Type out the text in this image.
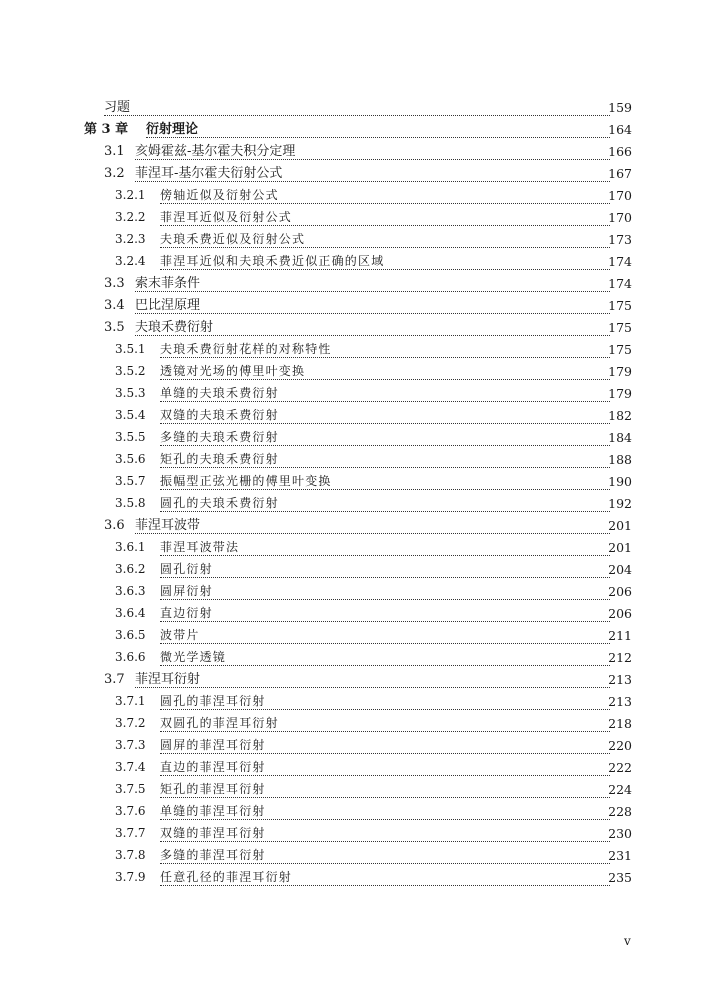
习题	159
第 3 章 衍射理论	164
3.1 亥姆霍兹-基尔霍夫积分定理	166
3.2 菲涅耳-基尔霍夫衍射公式	167
3.2.1 傍轴近似及衍射公式	170
3.2.2 菲涅耳近似及衍射公式	170
3.2.3 夫琅禾费近似及衍射公式	173
3.2.4 菲涅耳近似和夫琅禾费近似正确的区域	174
3.3 索末菲条件	174
3.4 巴比涅原理	175
3.5 夫琅禾费衍射	175
3.5.1 夫琅禾费衍射花样的对称特性	175
3.5.2 透镜对光场的傅里叶变换	179
3.5.3 单缝的夫琅禾费衍射	179
3.5.4 双缝的夫琅禾费衍射	182
3.5.5 多缝的夫琅禾费衍射	184
3.5.6 矩孔的夫琅禾费衍射	188
3.5.7 振幅型正弦光栅的傅里叶变换	190
3.5.8 圆孔的夫琅禾费衍射	192
3.6 菲涅耳波带	201
3.6.1 菲涅耳波带法	201
3.6.2 圆孔衍射	204
3.6.3 圆屏衍射	206
3.6.4 直边衍射	206
3.6.5 波带片	211
3.6.6 微光学透镜	212
3.7 菲涅耳衍射	213
3.7.1 圆孔的菲涅耳衍射	213
3.7.2 双圆孔的菲涅耳衍射	218
3.7.3 圆屏的菲涅耳衍射	220
3.7.4 直边的菲涅耳衍射	222
3.7.5 矩孔的菲涅耳衍射	224
3.7.6 单缝的菲涅耳衍射	228
3.7.7 双缝的菲涅耳衍射	230
3.7.8 多缝的菲涅耳衍射	231
3.7.9 任意孔径的菲涅耳衍射	235
v
